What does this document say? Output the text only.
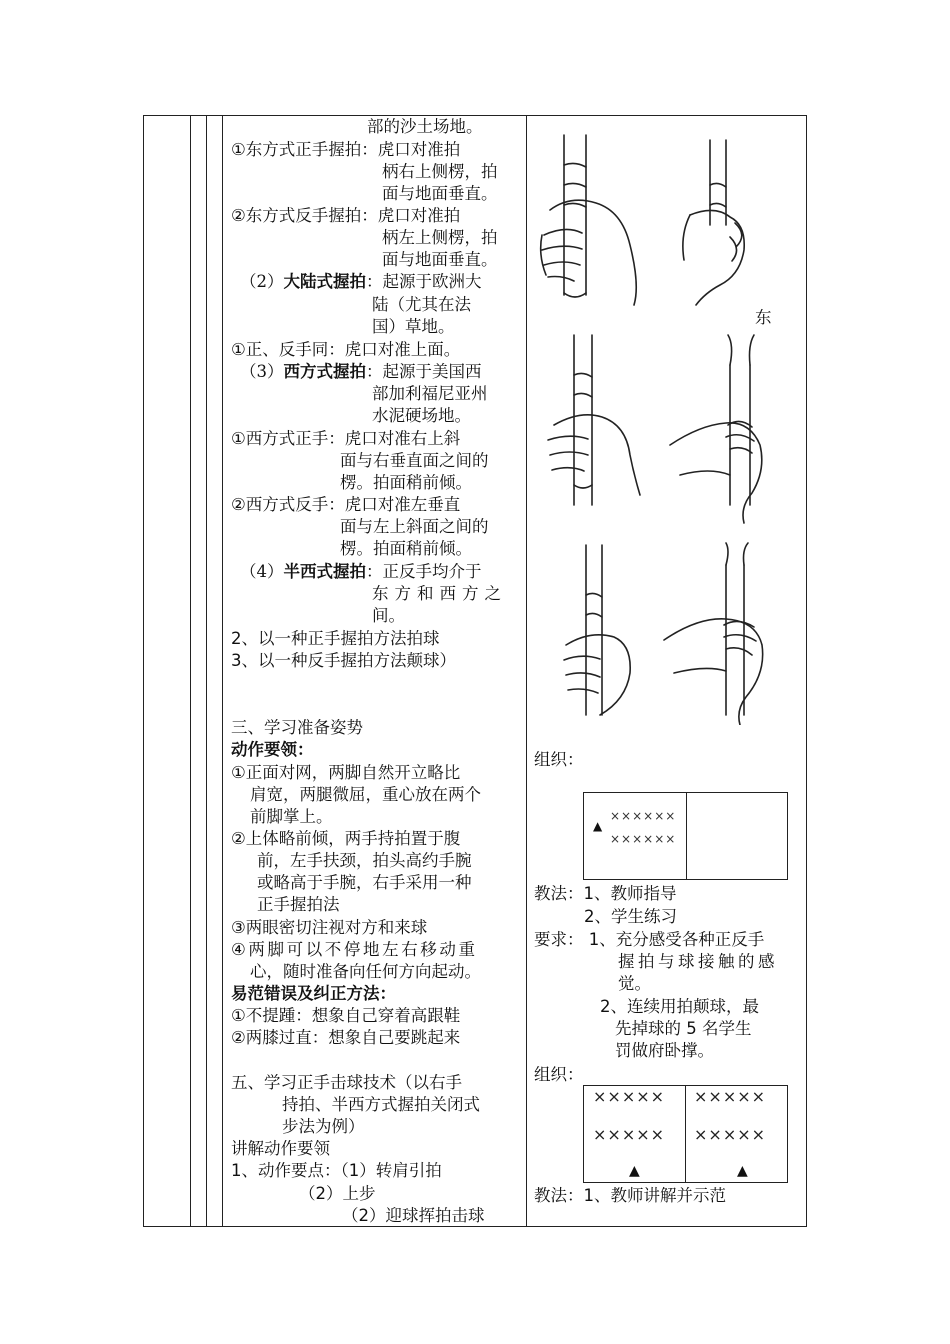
部的沙土场地。
①东方式正手握拍：虎口对准拍
柄右上侧楞，拍
面与地面垂直。
②东方式反手握拍：虎口对准拍
柄左上侧楞，拍
面与地面垂直。
（2）大陆式握拍：起源于欧洲大
陆（尤其在法
国）草地。
①正、反手同：虎口对准上面。
（3）西方式握拍：起源于美国西
部加利福尼亚州
水泥硬场地。
①西方式正手：虎口对准右上斜
面与右垂直面之间的
楞。拍面稍前倾。
②西方式反手：虎口对准左垂直
面与左上斜面之间的
楞。拍面稍前倾。
（4）半西式握拍：正反手均介于
东方和西方之
间。
2、以一种正手握拍方法拍球
3、以一种反手握拍方法颠球）
三、学习准备姿势
动作要领：
①正面对网，两脚自然开立略比
肩宽，两腿微屈，重心放在两个
前脚掌上。
②上体略前倾，两手持拍置于腹
前，左手扶颈，拍头高约手腕
或略高于手腕，右手采用一种
正手握拍法
③两眼密切注视对方和来球
④两脚可以不停地左右移动重
心，随时准备向任何方向起动。
易范错误及纠正方法：
①不提踵：想象自己穿着高跟鞋
②两膝过直：想象自己要跳起来
五、学习正手击球技术（以右手
持拍、半西方式握拍关闭式
步法为例）
讲解动作要领
1、动作要点：（1）转肩引拍
（2）上步
（2）迎球挥拍击球
东
组织：
▲
××××××
××××××
教法：1、教师指导
2、学生练习
要求： 1、充分感受各种正反手
握拍与球接触的感
觉。
2、连续用拍颠球，最
先掉球的 5 名学生
罚做府卧撑。
组织：
×××××
×××××
×××××
×××××
▲	▲
教法：1、教师讲解并示范
